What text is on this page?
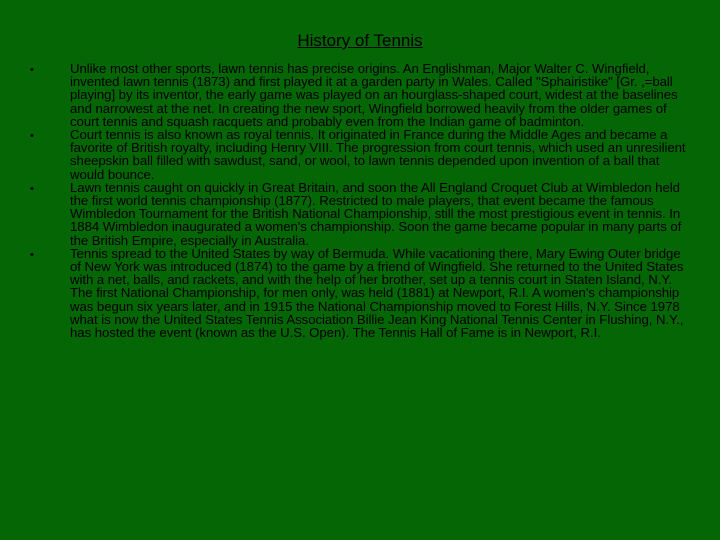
History of Tennis
•	Unlike most other sports, lawn tennis has precise origins. An Englishman, Major Walter C. Wingfield, invented lawn tennis (1873) and first played it at a garden party in Wales. Called "Sphairistike" [Gr. ,=ball playing] by its inventor, the early game was played on an hourglass-shaped court, widest at the baselines and narrowest at the net. In creating the new sport, Wingfield borrowed heavily from the older games of court tennis and squash racquets and probably even from the Indian game of badminton.

•	Court tennis is also known as royal tennis. It originated in France during the Middle Ages and became a favorite of British royalty, including Henry VIII. The progression from court tennis, which used an unresilient sheepskin ball filled with sawdust, sand, or wool, to lawn tennis depended upon invention of a ball that would bounce.

•	Lawn tennis caught on quickly in Great Britain, and soon the All England Croquet Club at Wimbledon held the first world tennis championship (1877). Restricted to male players, that event became the famous Wimbledon Tournament for the British National Championship, still the most prestigious event in tennis. In 1884 Wimbledon inaugurated a women's championship. Soon the game became popular in many parts of the British Empire, especially in Australia.

•	Tennis spread to the United States by way of Bermuda. While vacationing there, Mary Ewing Outer bridge of New York was introduced (1874) to the game by a friend of Wingfield. She returned to the United States with a net, balls, and rackets, and with the help of her brother, set up a tennis court in Staten Island, N.Y. The first National Championship, for men only, was held (1881) at Newport, R.I. A women's championship was begun six years later, and in 1915 the National Championship moved to Forest Hills, N.Y. Since 1978 what is now the United States Tennis Association Billie Jean King National Tennis Center in Flushing, N.Y., has hosted the event (known as the U.S. Open). The Tennis Hall of Fame is in Newport, R.I.
